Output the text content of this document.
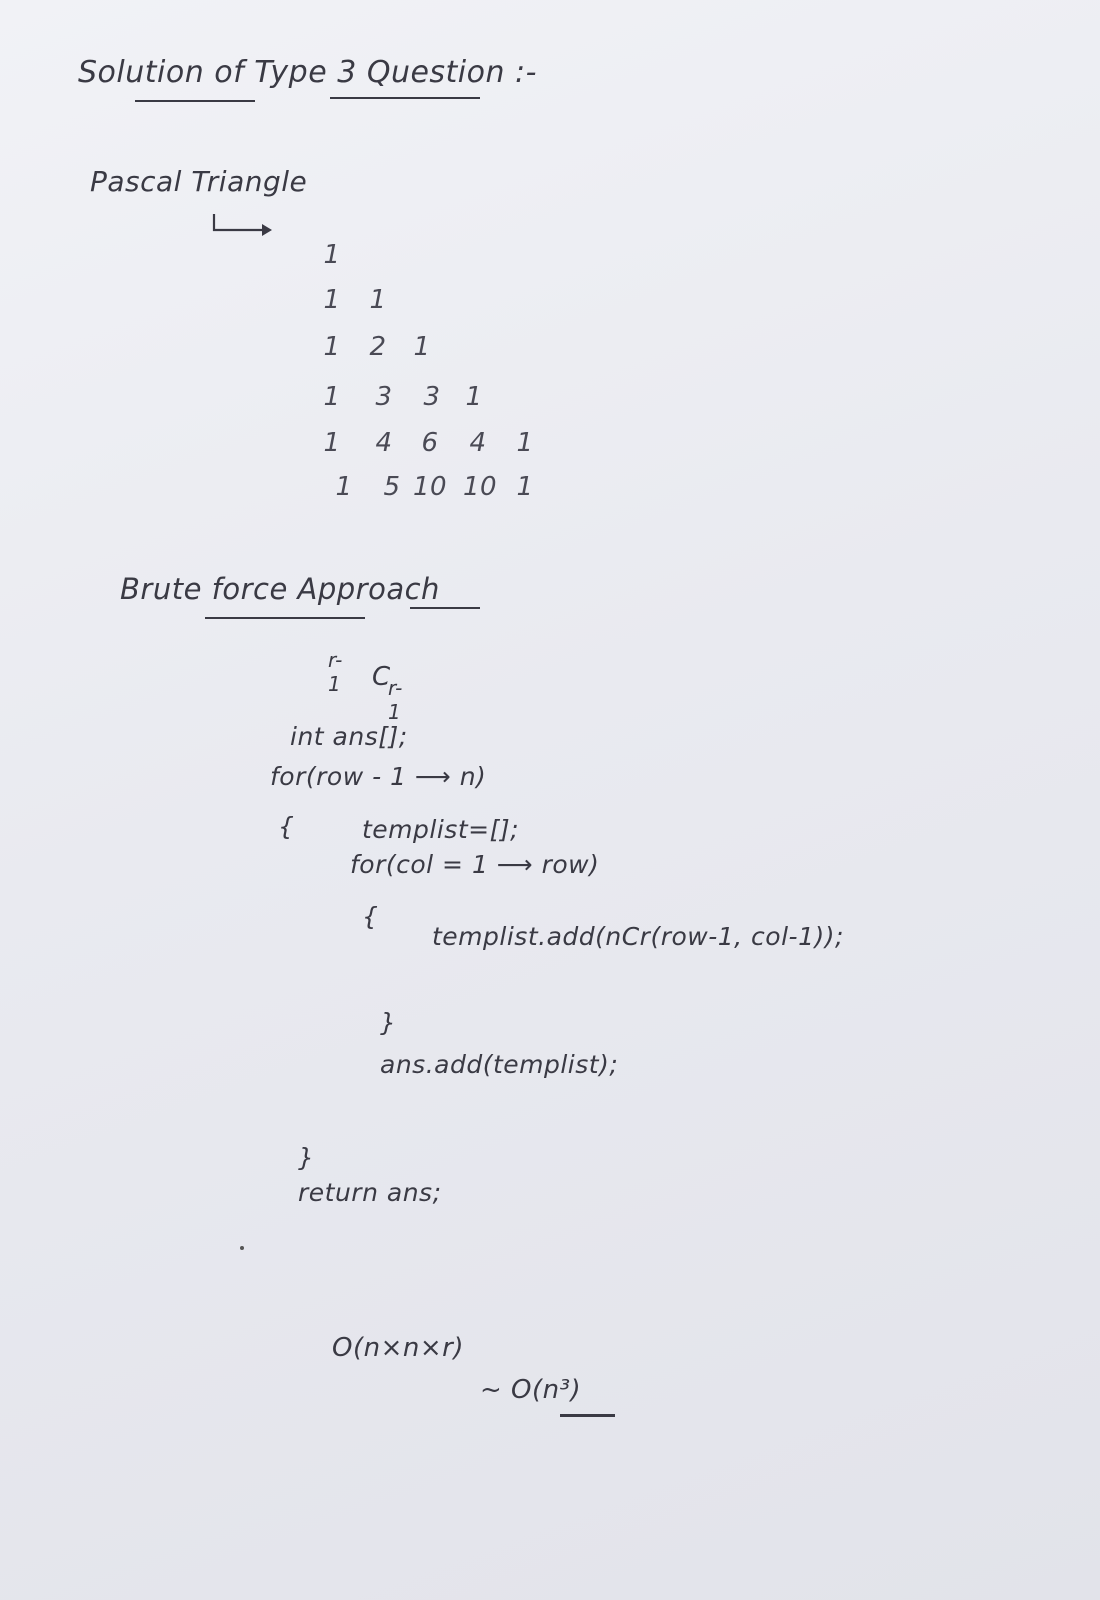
Solution of Type 3 Question :-
Pascal Triangle
1
1	1
1	2	1
1	3	3 1
1	4	6	4	1
1	5 10 10 1
Brute force Approach
r-1 C
r-1
int ans[];
for(row - 1 ⟶ n)
{	templist=[];
for(col = 1 ⟶ row)
{
templist.add(nCr(row-1, col-1));
}
ans.add(templist);
}
return ans;
O(n×n×r)
~ O(n³)
